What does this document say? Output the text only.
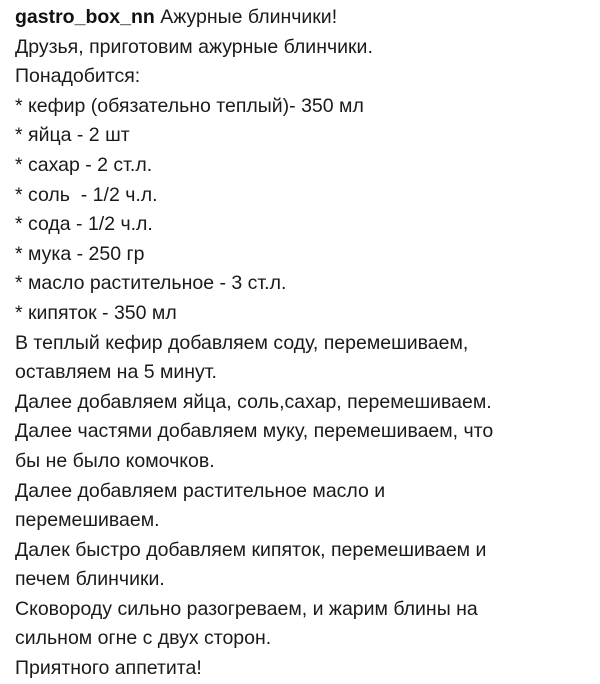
gastro_box_nn Ажурные блинчики!
Друзья, приготовим ажурные блинчики.
Понадобится:
* кефир (обязательно теплый)- 350 мл
* яйца - 2 шт
* сахар - 2 ст.л.
* соль  - 1/2 ч.л.
* сода - 1/2 ч.л.
* мука - 250 гр
* масло растительное - 3 ст.л.
* кипяток - 350 мл
В теплый кефир добавляем соду, перемешиваем,
оставляем на 5 минут.
Далее добавляем яйца, соль,сахар, перемешиваем.
Далее частями добавляем муку, перемешиваем, что
бы не было комочков.
Далее добавляем растительное масло и
перемешиваем.
Далек быстро добавляем кипяток, перемешиваем и
печем блинчики.
Сковороду сильно разогреваем, и жарим блины на
сильном огне с двух сторон.
Приятного аппетита!
